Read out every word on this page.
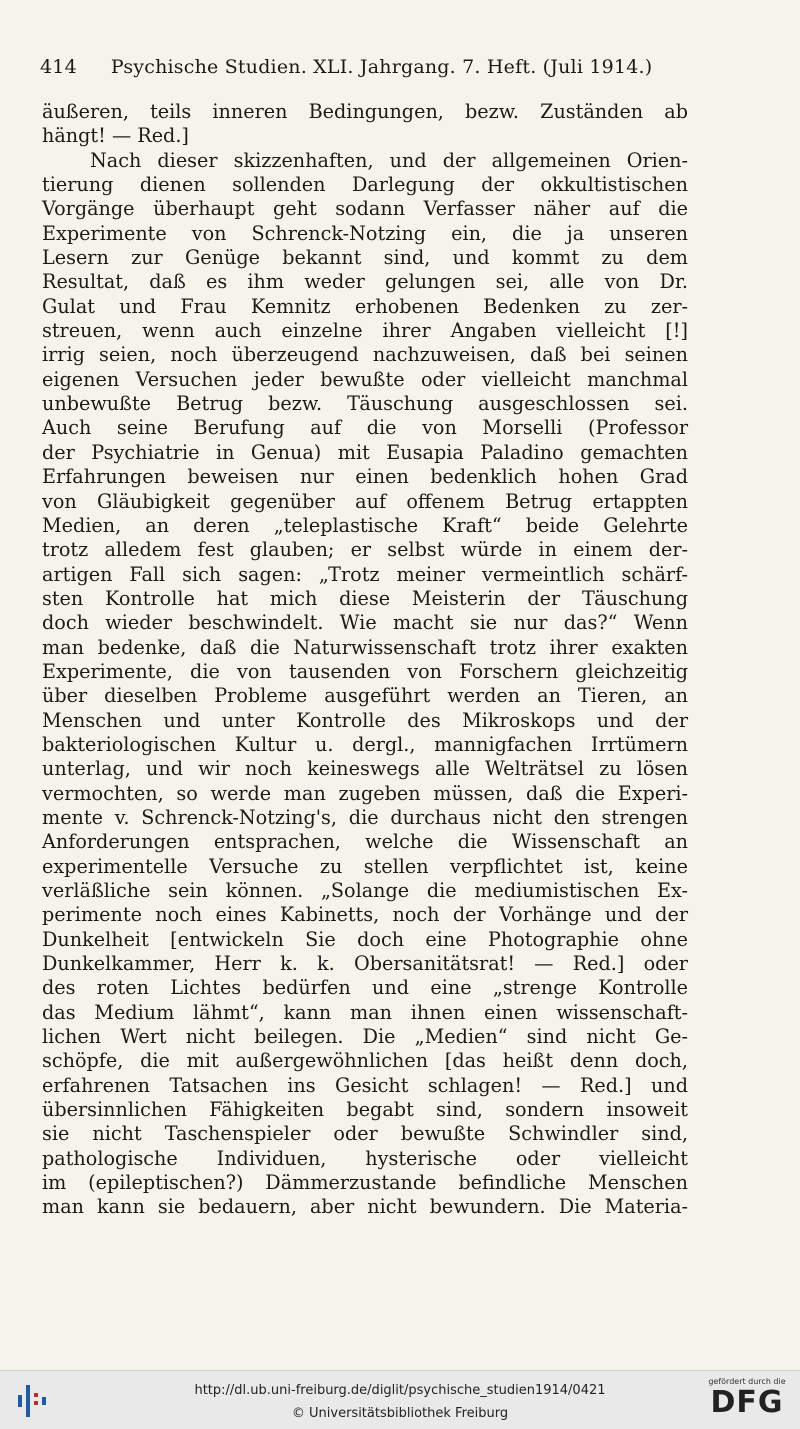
414	Psychische Studien. XLI. Jahrgang. 7. Heft. (Juli 1914.)
äußeren, teils inneren Bedingungen, bezw. Zuständen ab
hängt! — Red.]
Nach dieser skizzenhaften, und der allgemeinen Orien-
tierung dienen sollenden Darlegung der okkultistischen
Vorgänge überhaupt geht sodann Verfasser näher auf die
Experimente von Schrenck-Notzing ein, die ja unseren
Lesern zur Genüge bekannt sind, und kommt zu dem
Resultat, daß es ihm weder gelungen sei, alle von Dr.
Gulat und Frau Kemnitz erhobenen Bedenken zu zer-
streuen, wenn auch einzelne ihrer Angaben vielleicht [!]
irrig seien, noch überzeugend nachzuweisen, daß bei seinen
eigenen Versuchen jeder bewußte oder vielleicht manchmal
unbewußte Betrug bezw. Täuschung ausgeschlossen sei.
Auch seine Berufung auf die von Morselli (Professor
der Psychiatrie in Genua) mit Eusapia Paladino gemachten
Erfahrungen beweisen nur einen bedenklich hohen Grad
von Gläubigkeit gegenüber auf offenem Betrug ertappten
Medien, an deren „teleplastische Kraft“ beide Gelehrte
trotz alledem fest glauben; er selbst würde in einem der-
artigen Fall sich sagen: „Trotz meiner vermeintlich schärf-
sten Kontrolle hat mich diese Meisterin der Täuschung
doch wieder beschwindelt. Wie macht sie nur das?“ Wenn
man bedenke, daß die Naturwissenschaft trotz ihrer exakten
Experimente, die von tausenden von Forschern gleichzeitig
über dieselben Probleme ausgeführt werden an Tieren, an
Menschen und unter Kontrolle des Mikroskops und der
bakteriologischen Kultur u. dergl., mannigfachen Irrtümern
unterlag, und wir noch keineswegs alle Welträtsel zu lösen
vermochten, so werde man zugeben müssen, daß die Experi-
mente v. Schrenck-Notzing's, die durchaus nicht den strengen
Anforderungen entsprachen, welche die Wissenschaft an
experimentelle Versuche zu stellen verpflichtet ist, keine
verläßliche sein können. „Solange die mediumistischen Ex-
perimente noch eines Kabinetts, noch der Vorhänge und der
Dunkelheit [entwickeln Sie doch eine Photographie ohne
Dunkelkammer, Herr k. k. Obersanitätsrat! — Red.] oder
des roten Lichtes bedürfen und eine „strenge Kontrolle
das Medium lähmt“, kann man ihnen einen wissenschaft-
lichen Wert nicht beilegen. Die „Medien“ sind nicht Ge-
schöpfe, die mit außergewöhnlichen [das heißt denn doch,
erfahrenen Tatsachen ins Gesicht schlagen! — Red.] und
übersinnlichen Fähigkeiten begabt sind, sondern insoweit
sie nicht Taschenspieler oder bewußte Schwindler sind,
pathologische Individuen, hysterische oder vielleicht
im (epileptischen?) Dämmerzustande befindliche Menschen
man kann sie bedauern, aber nicht bewundern. Die Materia-
http://dl.ub.uni-freiburg.de/diglit/psychische_studien1914/0421
© Universitätsbibliothek Freiburg
gefördert durch die
DFG
